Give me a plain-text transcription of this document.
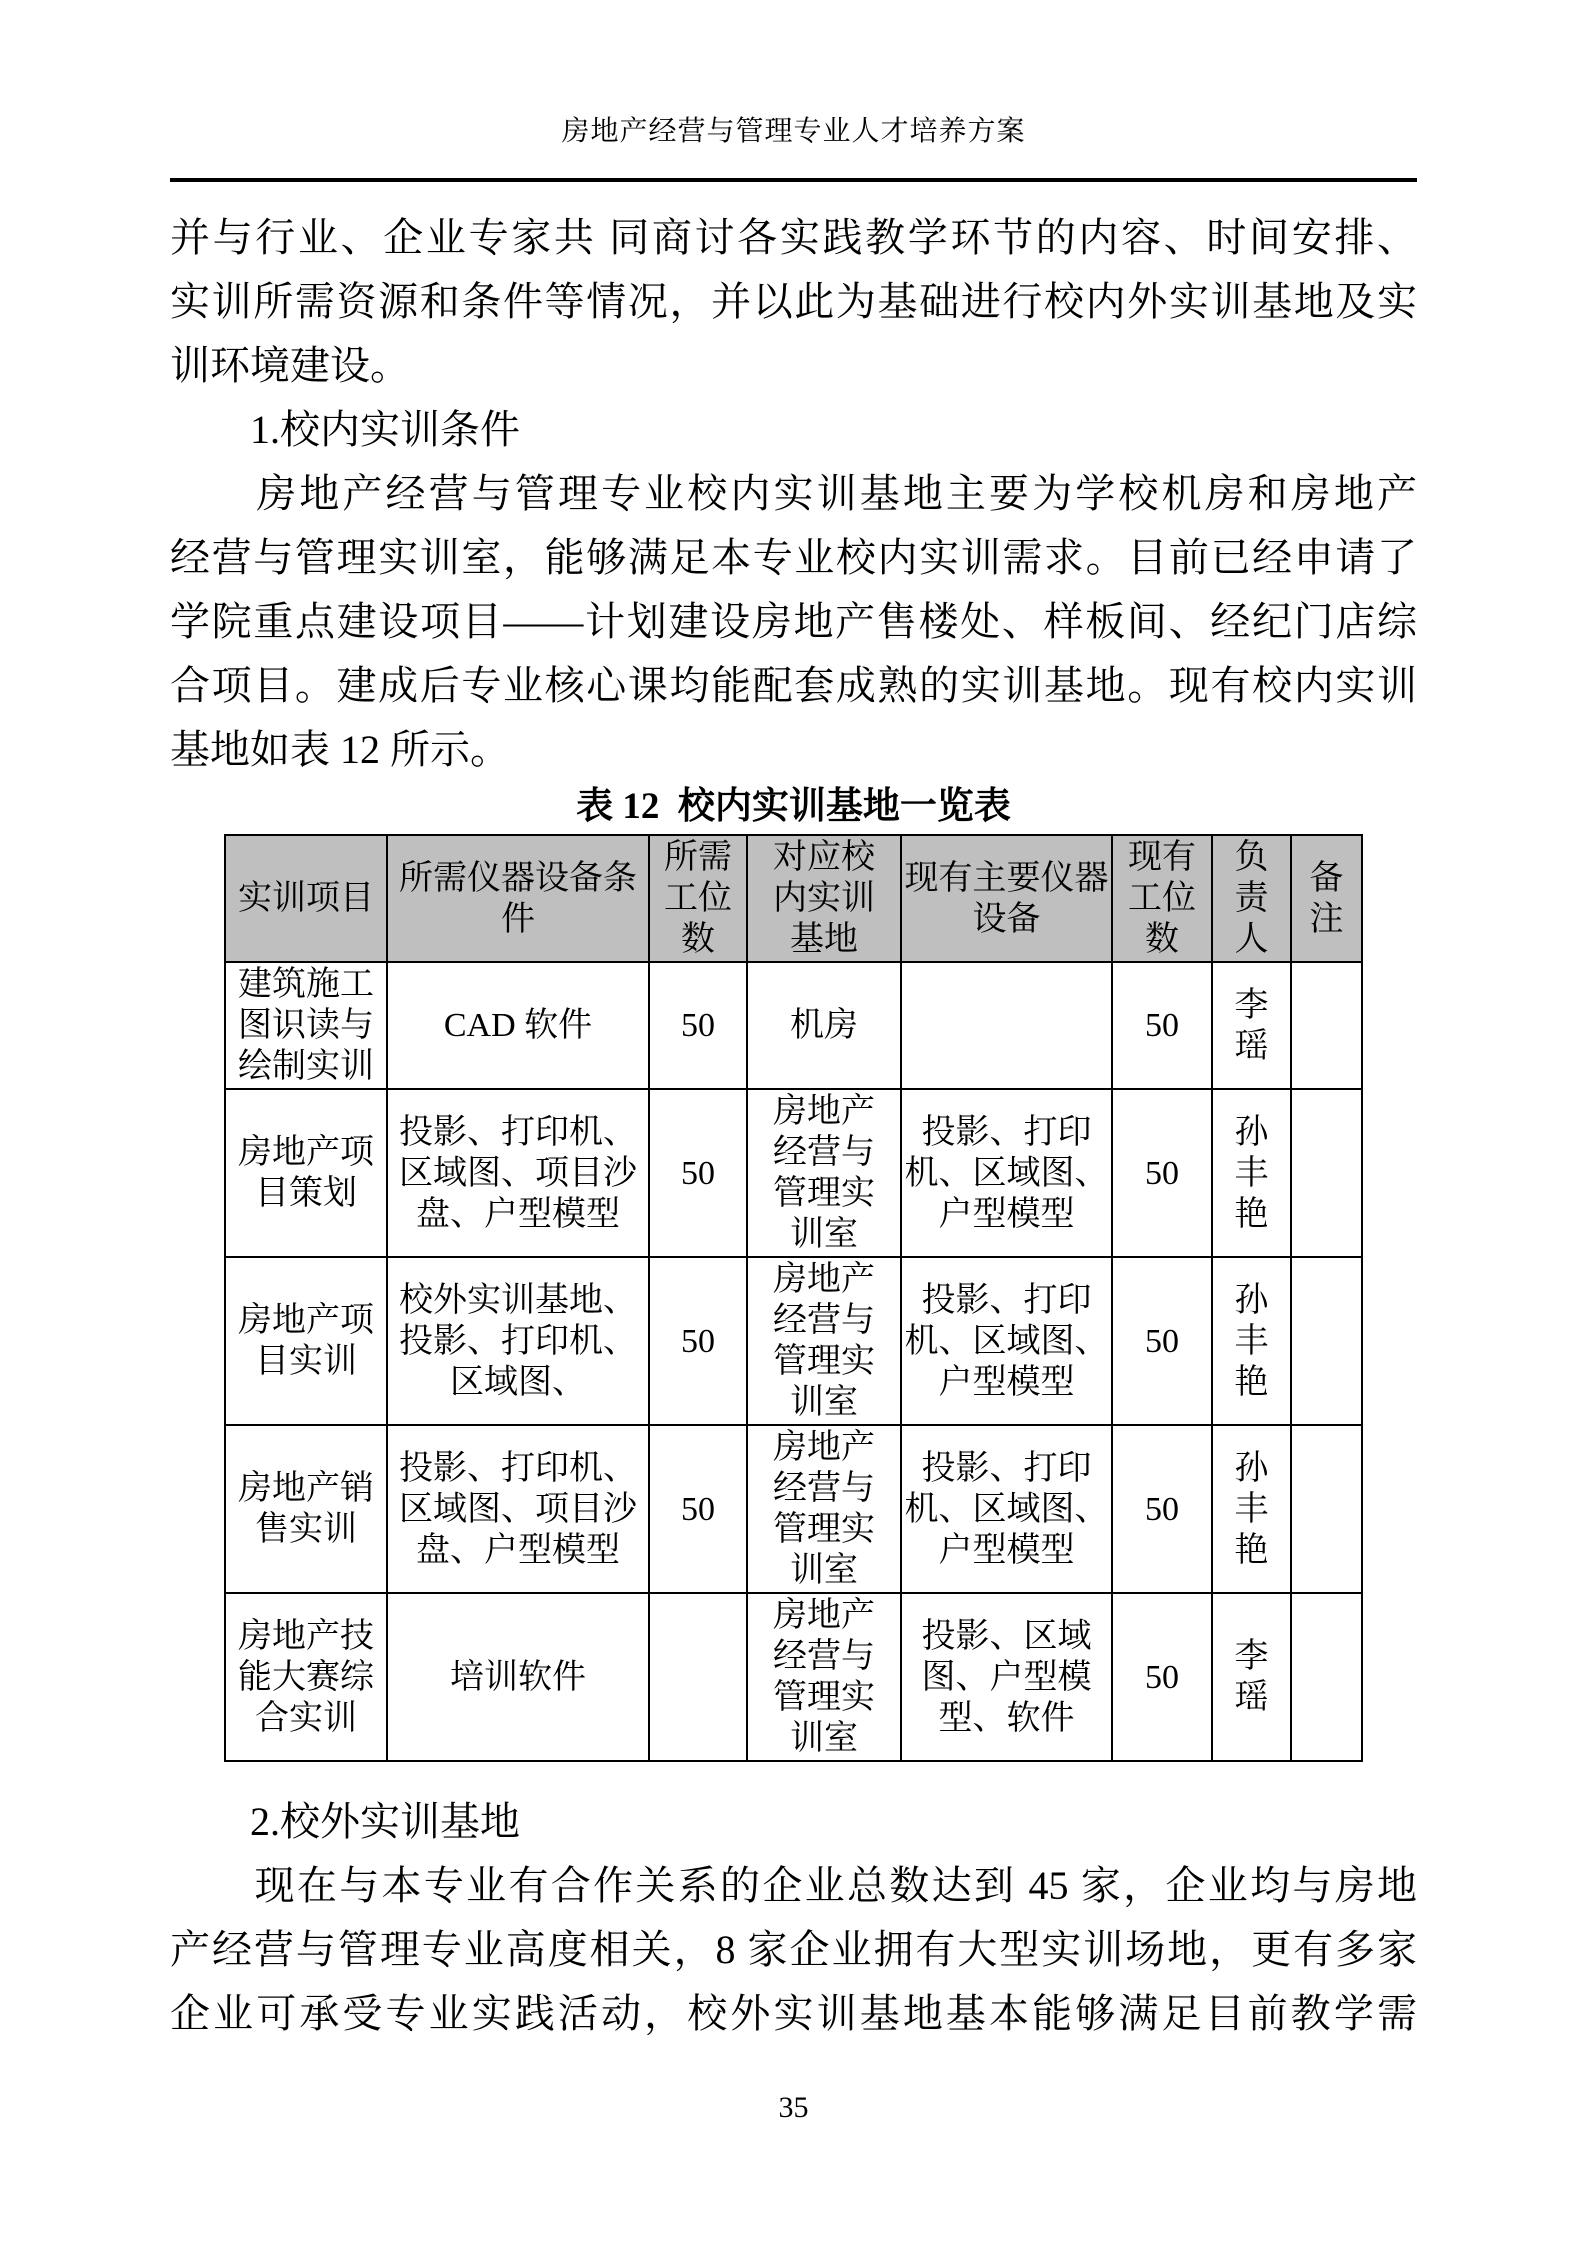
房地产经营与管理专业人才培养方案
并与行业、企业专家共 同商讨各实践教学环节的内容、时间安排、
实训所需资源和条件等情况，并以此为基础进行校内外实训基地及实
训环境建设。
　　1.校内实训条件
　　房地产经营与管理专业校内实训基地主要为学校机房和房地产
经营与管理实训室，能够满足本专业校内实训需求。目前已经申请了
学院重点建设项目——计划建设房地产售楼处、样板间、经纪门店综
合项目。建成后专业核心课均能配套成熟的实训基地。现有校内实训
基地如表 12 所示。
表 12  校内实训基地一览表
实训项目	所需仪器设备条件	所需工位数	对应校内实训基地	现有主要仪器设备	现有工位数	负责人	备注
建筑施工图识读与绘制实训	CAD 软件	50	机房		50	李瑶	
房地产项目策划	投影、打印机、区域图、项目沙盘、户型模型	50	房地产经营与管理实训室	投影、打印机、区域图、户型模型	50	孙丰艳	
房地产项目实训	校外实训基地、投影、打印机、区域图、	50	房地产经营与管理实训室	投影、打印机、区域图、户型模型	50	孙丰艳	
房地产销售实训	投影、打印机、区域图、项目沙盘、户型模型	50	房地产经营与管理实训室	投影、打印机、区域图、户型模型	50	孙丰艳	
房地产技能大赛综合实训	培训软件		房地产经营与管理实训室	投影、区域图、户型模型、软件	50	李瑶	
　　2.校外实训基地
　　现在与本专业有合作关系的企业总数达到 45 家，企业均与房地
产经营与管理专业高度相关，8 家企业拥有大型实训场地，更有多家
企业可承受专业实践活动，校外实训基地基本能够满足目前教学需
35
